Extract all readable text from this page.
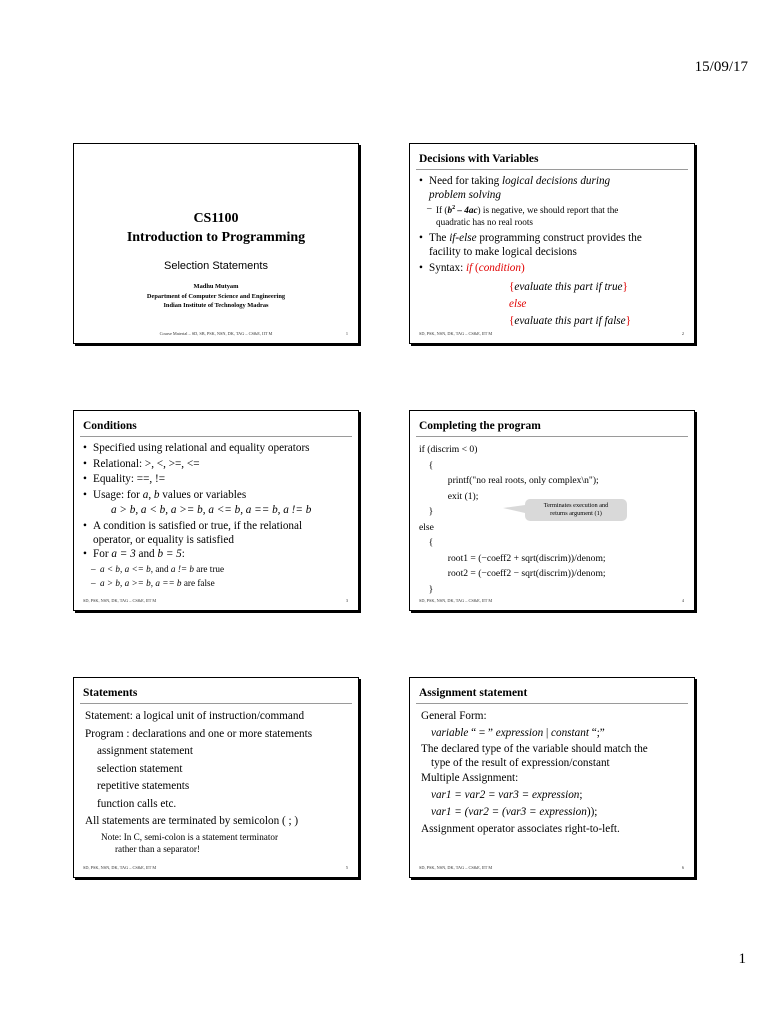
15/09/17
CS1100
Introduction to Programming
Selection Statements
Madhu Mutyam
Department of Computer Science and Engineering
Indian Institute of Technology Madras
Course Material – SD, SB, PSK, NSN, DK, TAG – CS&E, IIT M	1
Decisions with Variables
• Need for taking logical decisions during
problem solving
– If $(b^2 - 4ac)$ is negative, we should report that the
quadratic has no real roots
• The if-else programming construct provides the
facility to make logical decisions
• Syntax: if (condition)
{evaluate this part if true}
else
{evaluate this part if false}
SD, PSK, NSN, DK, TAG – CS&E, IIT M	2
Conditions
• Specified using relational and equality operators
• Relational: >, <, >=, <=
• Equality: ==, !=
• Usage: for a, b values or variables
a > b, a < b, a >= b, a <= b, a == b, a != b
• A condition is satisfied or true, if the relational
operator, or equality is satisfied
• For a = 3 and b = 5:
– a < b, a <= b, and a != b are true
– a > b, a >= b, a == b are false
SD, PSK, NSN, DK, TAG – CS&E, IIT M	3
Completing the program
if (discrim < 0)
{
printf("no real roots, only complex\n");
exit (1);
}
else
{
root1 = (−coeff2 + sqrt(discrim))/denom;
root2 = (−coeff2 − sqrt(discrim))/denom;
}
SD, PSK, NSN, DK, TAG – CS&E, IIT M	4
Terminates execution and
returns argument (1)
Statements
Statement: a logical unit of instruction/command
Program : declarations and one or more statements
assignment statement
selection statement
repetitive statements
function calls etc.
All statements are terminated by semicolon ( ; )
Note: In C, semi-colon is a statement terminator
rather than a separator!
SD, PSK, NSN, DK, TAG – CS&E, IIT M	5
Assignment statement
General Form:
variable “ = ” expression | constant “;”
The declared type of the variable should match the
type of the result of expression/constant
Multiple Assignment:
var1 = var2 = var3 = expression;
var1 = (var2 = (var3 = expression));
Assignment operator associates right-to-left.
SD, PSK, NSN, DK, TAG – CS&E, IIT M	6
1
